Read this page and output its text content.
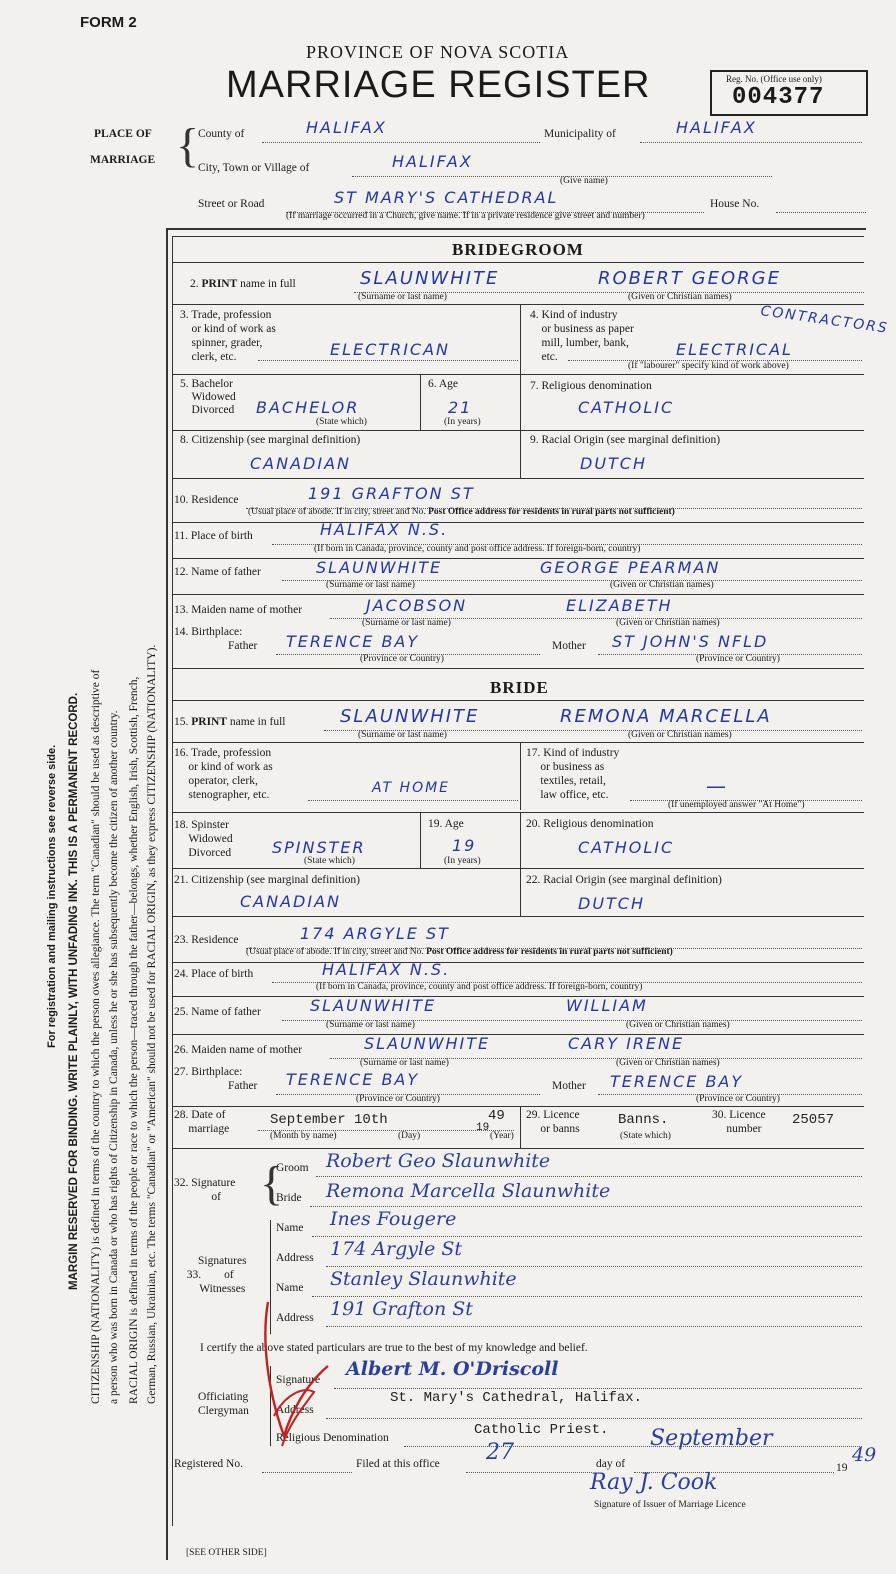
FORM 2
PROVINCE OF NOVA SCOTIA
MARRIAGE REGISTER	Reg. No. (Office use only)
004377
PLACE OF
MARRIAGE {
County of	HALIFAX	Municipality of	HALIFAX
City, Town or Village of	HALIFAX
(Give name)
Street or Road	ST MARY'S CATHEDRAL	House No.
(If marriage occurred in a Church, give name. If in a private residence give street and number)
MARGIN RESERVED FOR BINDING. WRITE PLAINLY, WITH UNFADING INK. THIS IS A PERMANENT RECORD.
For registration and mailing instructions see reverse side.	CITIZENSHIP (NATIONALITY) is defined in terms of the country to which the person owes allegiance. The term "Canadian" should be used as descriptive of a person who was born in Canada or who has rights of Citizenship in Canada, unless he or she has subsequently become the citizen of another country. RACIAL ORIGIN is defined in terms of the people or race to which the person—traced through the father—belongs, whether English, Irish, Scottish, French, German, Russian, Ukrainian, etc. The terms "Canadian" or "American" should not be used for RACIAL ORIGIN, as they express CITIZENSHIP (NATIONALITY).
BRIDEGROOM
2. PRINT name in full	SLAUNWHITE	ROBERT GEORGE
(Surname or last name)	(Given or Christian names)
3. Trade, profession
or kind of work as
spinner, grader,
clerk, etc.	ELECTRICAN
4. Kind of industry
or business as paper
mill, lumber, bank,
etc.
CONTRACTORS
ELECTRICAL
(If "labourer" specify kind of work above)
5. Bachelor
Widowed
Divorced BACHELOR
(State which)
6. Age
21
(In years)
7. Religious denomination
CATHOLIC
8. Citizenship (see marginal definition)
CANADIAN
9. Racial Origin (see marginal definition)
DUTCH
10. Residence	191 GRAFTON ST
(Usual place of abode. If in city, street and No. Post Office address for residents in rural parts not sufficient)
11. Place of birth	HALIFAX N.S.
(If born in Canada, province, county and post office address. If foreign-born, country)
12. Name of father	SLAUNWHITE	GEORGE PEARMAN
(Surname or last name)	(Given or Christian names)
13. Maiden name of mother	JACOBSON	ELIZABETH
(Surname or last name)	(Given or Christian names)
14. Birthplace:
Father TERENCE BAY	Mother ST JOHN'S NFLD
(Province or Country)	(Province or Country)
BRIDE
15. PRINT name in full	SLAUNWHITE	REMONA MARCELLA
(Surname or last name)	(Given or Christian names)
16. Trade, profession
or kind of work as
operator, clerk,
stenographer, etc.	AT HOME
17. Kind of industry
or business as
textiles, retail,
law office, etc.	—
(If unemployed answer "At Home")
18. Spinster
Widowed
Divorced	SPINSTER
(State which)
19. Age
19
(In years)
20. Religious denomination
CATHOLIC
21. Citizenship (see marginal definition)
CANADIAN
22. Racial Origin (see marginal definition)
DUTCH
23. Residence	174 ARGYLE ST
(Usual place of abode. If in city, street and No. Post Office address for residents in rural parts not sufficient)
24. Place of birth	HALIFAX N.S.
(If born in Canada, province, county and post office address. If foreign-born, country)
25. Name of father	SLAUNWHITE	WILLIAM
(Surname or last name)	(Given or Christian names)
26. Maiden name of mother	SLAUNWHITE	CARY IRENE
(Surname or last name)	(Given or Christian names)
27. Birthplace:
Father TERENCE BAY	Mother TERENCE BAY
(Province or Country)	(Province or Country)
28. Date of
marriage
September 10th	19
49
(Month by name)	(Day)	(Year)
29. Licence
or banns
Banns.
(State which)
30. Licence
number
25057
32. Signature
of {
Groom Robert Geo Slaunwhite
Bride Remona Marcella Slaunwhite
Signatures
33. of
Witnesses
Name Ines Fougere
Address 174 Argyle St
Name Stanley Slaunwhite
Address 191 Grafton St
I certify the above stated particulars are true to the best of my knowledge and belief.
Officiating
Clergyman
Signature Albert M. O'Driscoll
Address
St. Mary's Cathedral, Halifax.
Religious Denomination	Catholic Priest.
Registered No.	Filed at this office 27	day of
September
19
49
Ray J. Cook
Signature of Issuer of Marriage Licence
[SEE OTHER SIDE]
